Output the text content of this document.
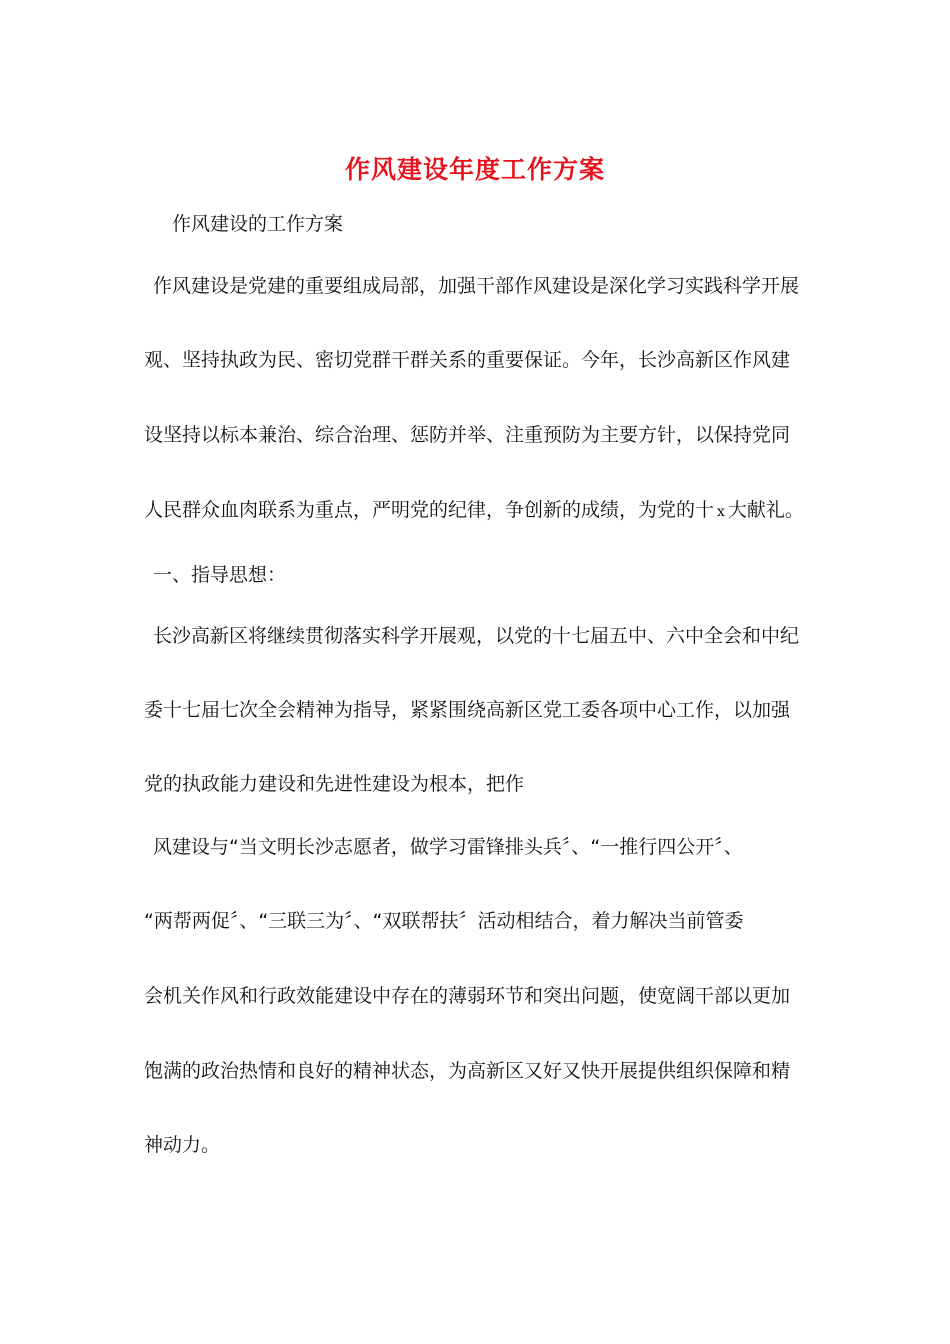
作风建设年度工作方案
作风建设的工作方案
作风建设是党建的重要组成局部，加强干部作风建设是深化学习实践科学开展
观、坚持执政为民、密切党群干群关系的重要保证。今年，长沙高新区作风建
设坚持以标本兼治、综合治理、惩防并举、注重预防为主要方针，以保持党同
人民群众血肉联系为重点，严明党的纪律，争创新的成绩，为党的十 x 大献礼。
一、指导思想：
长沙高新区将继续贯彻落实科学开展观，以党的十七届五中、六中全会和中纪
委十七届七次全会精神为指导，紧紧围绕高新区党工委各项中心工作，以加强
党的执政能力建设和先进性建设为根本，把作
风建设与“当文明长沙志愿者，做学习雷锋排头兵〞、“一推行四公开〞、
“两帮两促〞、“三联三为〞、“双联帮扶〞活动相结合，着力解决当前管委
会机关作风和行政效能建设中存在的薄弱环节和突出问题，使宽阔干部以更加
饱满的政治热情和良好的精神状态，为高新区又好又快开展提供组织保障和精
神动力。
